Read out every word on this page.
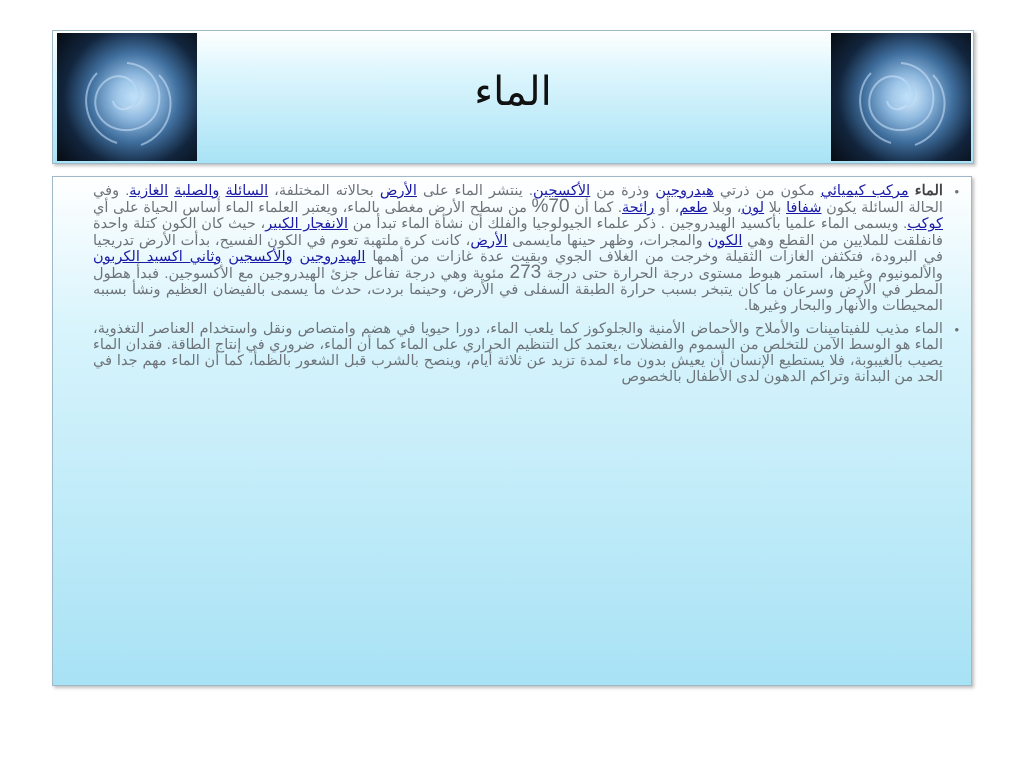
الماء

•
الماء مركب كيميائي مكون من ذرتي هيدروجين وذرة من الأكسجين. ينتشر الماء على الأرض بحالاته المختلفة، السائلة والصلبة الغازية. وفي الحالة السائلة يكون شفافا بلا لون، وبلا طعم، أو رائحة. كما أن 70% من سطح الأرض مغطى بالماء، ويعتبر العلماء الماء أساس الحياة على أي كوكب. ويسمى الماء علميا بأكسيد الهيدروجين . ذكر علماء الجيولوجيا والفلك أن نشأة الماء تبدأ من الانفجار الكبير، حيث كان الكون كتلة واحدة فانفلقت للملايين من القطع وهي الكون والمجرات، وظهر حينها مايسمى الأرض، كانت كرة ملتهبة تعوم في الكون الفسيح، بدأت الأرض تدريجيا في البرودة، فتكثفن الغازات الثقيلة وخرجت من الغلاف الجوي وبقيت عدة غازات من أهمها الهيدروجين والأكسجين وثاني اكسيد الكربون والألمونيوم وغيرها، استمر هبوط مستوى درجة الحرارة حتى درجة 273 مئوية وهي درجة تفاعل جزئ الهيدروجين مع الأكسوجين. فبدأ هطول المطر في الأرض وسرعان ما كان يتبخر بسبب حرارة الطبقة السفلى في الأرض، وحينما بردت، حدث ما يسمى بالفيضان العظيم ونشأ بسببه المحيطات والأنهار والبحار وغيرها.

•
الماء مذيب للفيتامينات والأملاح والأحماض الأمنية والجلوكوز كما يلعب الماء، دورا حيويا في هضم وامتصاص ونقل واستخدام العناصر التغذوية، الماء هو الوسط الآمن للتخلص من السموم والفضلات ،يعتمد كل التنظيم الحراري على الماء كما أن الماء، ضروري في إنتاج الطاقة. فقدان الماء يصيب بالغيبوبة، فلا يستطيع الإنسان أن يعيش بدون ماء لمدة تزيد عن ثلاثة أيام، وينصح بالشرب قبل الشعور بالظمأ، كما أن الماء مهم جدا في الحد من البدانة وتراكم الدهون لدى الأطفال بالخصوص
